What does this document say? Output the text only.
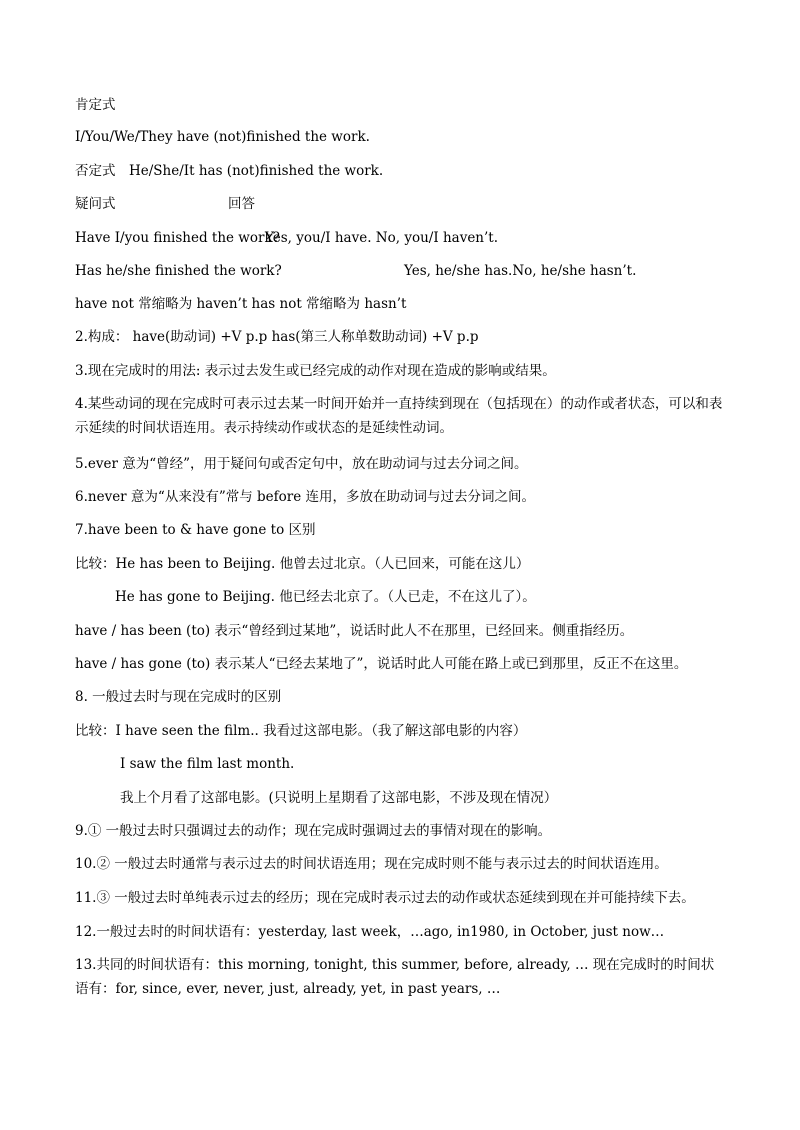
肯定式
I/You/We/They have (not)finished the work.
否定式 He/She/It has (not)finished the work.
疑问式	回答
Have I/you finished the work?
Yes, you/I have. No, you/I haven’t.
Has he/she finished the work?	Yes, he/she has.No, he/she hasn’t.
have not 常缩略为 haven’t has not 常缩略为 hasn’t
2.构成： have(助动词) +V p.p has(第三人称单数助动词) +V p.p
3.现在完成时的用法: 表示过去发生或已经完成的动作对现在造成的影响或结果。
4.某些动词的现在完成时可表示过去某一时间开始并一直持续到现在（包括现在）的动作或者状态，可以和表示延续的时间状语连用。表示持续动作或状态的是延续性动词。
5.ever 意为“曾经”，用于疑问句或否定句中，放在助动词与过去分词之间。
6.never 意为“从来没有”常与 before 连用，多放在助动词与过去分词之间。
7.have been to & have gone to 区别
比较：He has been to Beijing. 他曾去过北京。（人已回来，可能在这儿）
He has gone to Beijing. 他已经去北京了。（人已走，不在这儿了）。
have / has been (to) 表示“曾经到过某地”，说话时此人不在那里，已经回来。侧重指经历。
have / has gone (to) 表示某人“已经去某地了”，说话时此人可能在路上或已到那里，反正不在这里。
8. 一般过去时与现在完成时的区别
比较：I have seen the film.. 我看过这部电影。（我了解这部电影的内容）
I saw the film last month.
我上个月看了这部电影。(只说明上星期看了这部电影，不涉及现在情况）
9.① 一般过去时只强调过去的动作；现在完成时强调过去的事情对现在的影响。
10.② 一般过去时通常与表示过去的时间状语连用；现在完成时则不能与表示过去的时间状语连用。
11.③ 一般过去时单纯表示过去的经历；现在完成时表示过去的动作或状态延续到现在并可能持续下去。
12.一般过去时的时间状语有：yesterday, last week，…ago, in1980, in October, just now…
13.共同的时间状语有：this morning, tonight, this summer, before, already, … 现在完成时的时间状语有：for, since, ever, never, just, already, yet, in past years, …
